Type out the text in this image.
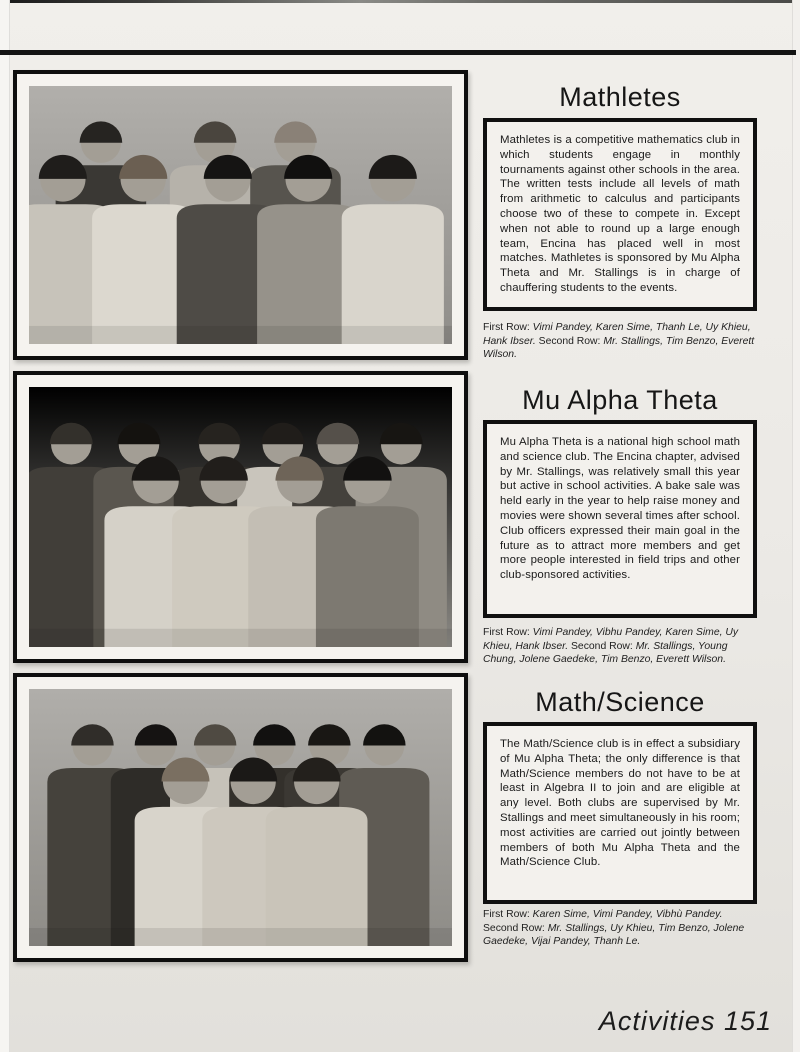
Mathletes

Mathletes is a competitive mathematics club in which students engage in monthly tournaments against other schools in the area. The written tests include all levels of math from arithmetic to calculus and participants choose two of these to compete in. Except when not able to round up a large enough team, Encina has placed well in most matches. Mathletes is sponsored by Mu Alpha Theta and Mr. Stallings is in charge of chauffering students to the events.

First Row: Vimi Pandey, Karen Sime, Thanh Le, Uy Khieu, Hank Ibser. Second Row: Mr. Stallings, Tim Benzo, Everett Wilson.

Mu Alpha Theta

Mu Alpha Theta is a national high school math and science club. The Encina chapter, advised by Mr. Stallings, was relatively small this year but active in school activities. A bake sale was held early in the year to help raise money and movies were shown several times after school. Club officers expressed their main goal in the future as to attract more members and get more people interested in field trips and other club-sponsored activities.

First Row: Vimi Pandey, Vibhu Pandey, Karen Sime, Uy Khieu, Hank Ibser. Second Row: Mr. Stallings, Young Chung, Jolene Gaedeke, Tim Benzo, Everett Wilson.

Math/Science

The Math/Science club is in effect a subsidiary of Mu Alpha Theta; the only difference is that Math/Science members do not have to be at least in Algebra II to join and are eligible at any level. Both clubs are supervised by Mr. Stallings and meet simultaneously in his room; most activities are carried out jointly between members of both Mu Alpha Theta and the Math/Science Club.

First Row: Karen Sime, Vimi Pandey, Vibhù Pandey. Second Row: Mr. Stallings, Uy Khieu, Tim Benzo, Jolene Gaedeke, Vijai Pandey, Thanh Le.

Activities 151
